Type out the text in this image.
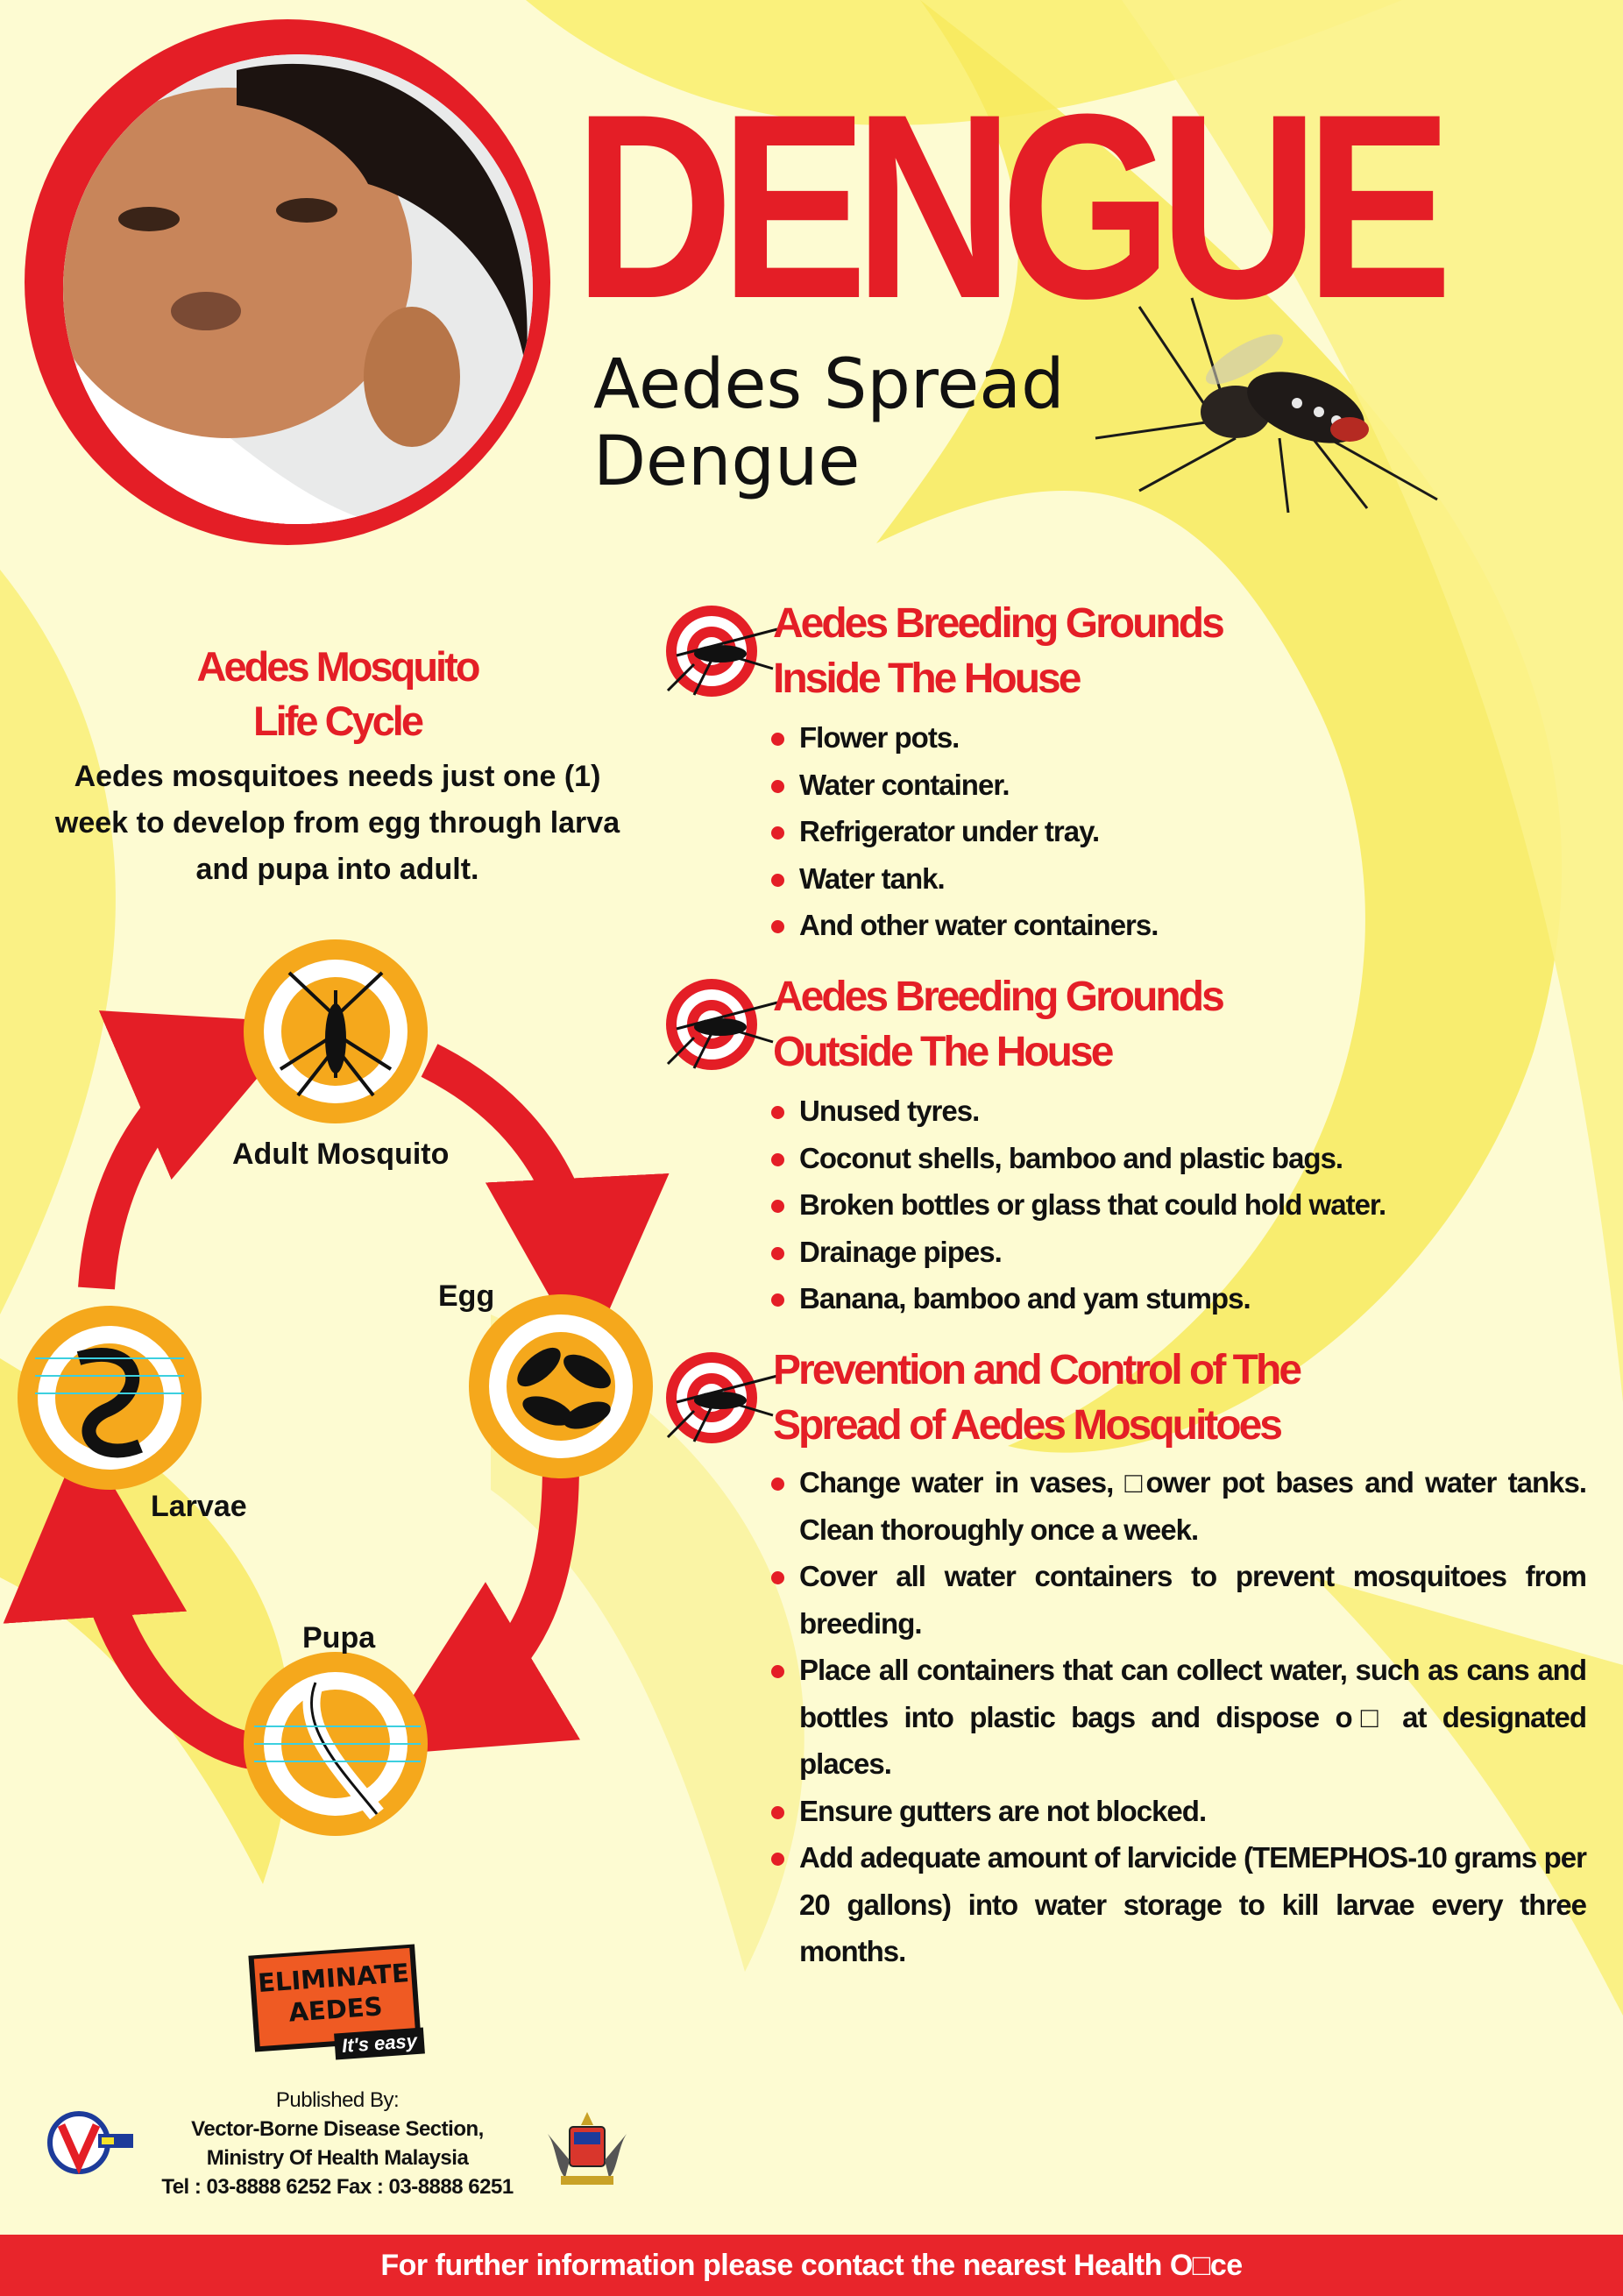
DENGUE
Aedes Spread
Dengue
Aedes Mosquito
Life Cycle
Aedes mosquitoes needs just one (1) week to develop from egg through larva and pupa into adult.
Adult Mosquito
Egg
Larvae
Pupa
Aedes Breeding Grounds
Inside The House
Flower pots.
Water container.
Refrigerator under tray.
Water tank.
And other water containers.
Aedes Breeding Grounds
Outside The House
Unused tyres.
Coconut shells, bamboo and plastic bags.
Broken bottles or glass that could hold water.
Drainage pipes.
Banana, bamboo and yam stumps.
Prevention and Control of The
Spread of Aedes Mosquitoes
Change water in vases, □ower pot bases and water tanks. Clean thoroughly once a week.
Cover all water containers to prevent mosquitoes from breeding.
Place all containers that can collect water, such as cans and bottles into plastic bags and dispose o□ at designated places.
Ensure gutters are not blocked.
Add adequate amount of larvicide (TEMEPHOS-10 grams per 20 gallons) into water storage to kill larvae every three months.
ELIMINATE
AEDES
It's easy
Published By:
Vector-Borne Disease Section,
Ministry Of Health Malaysia
Tel : 03-8888 6252 Fax : 03-8888 6251
For further information please contact the nearest Health O□ce
